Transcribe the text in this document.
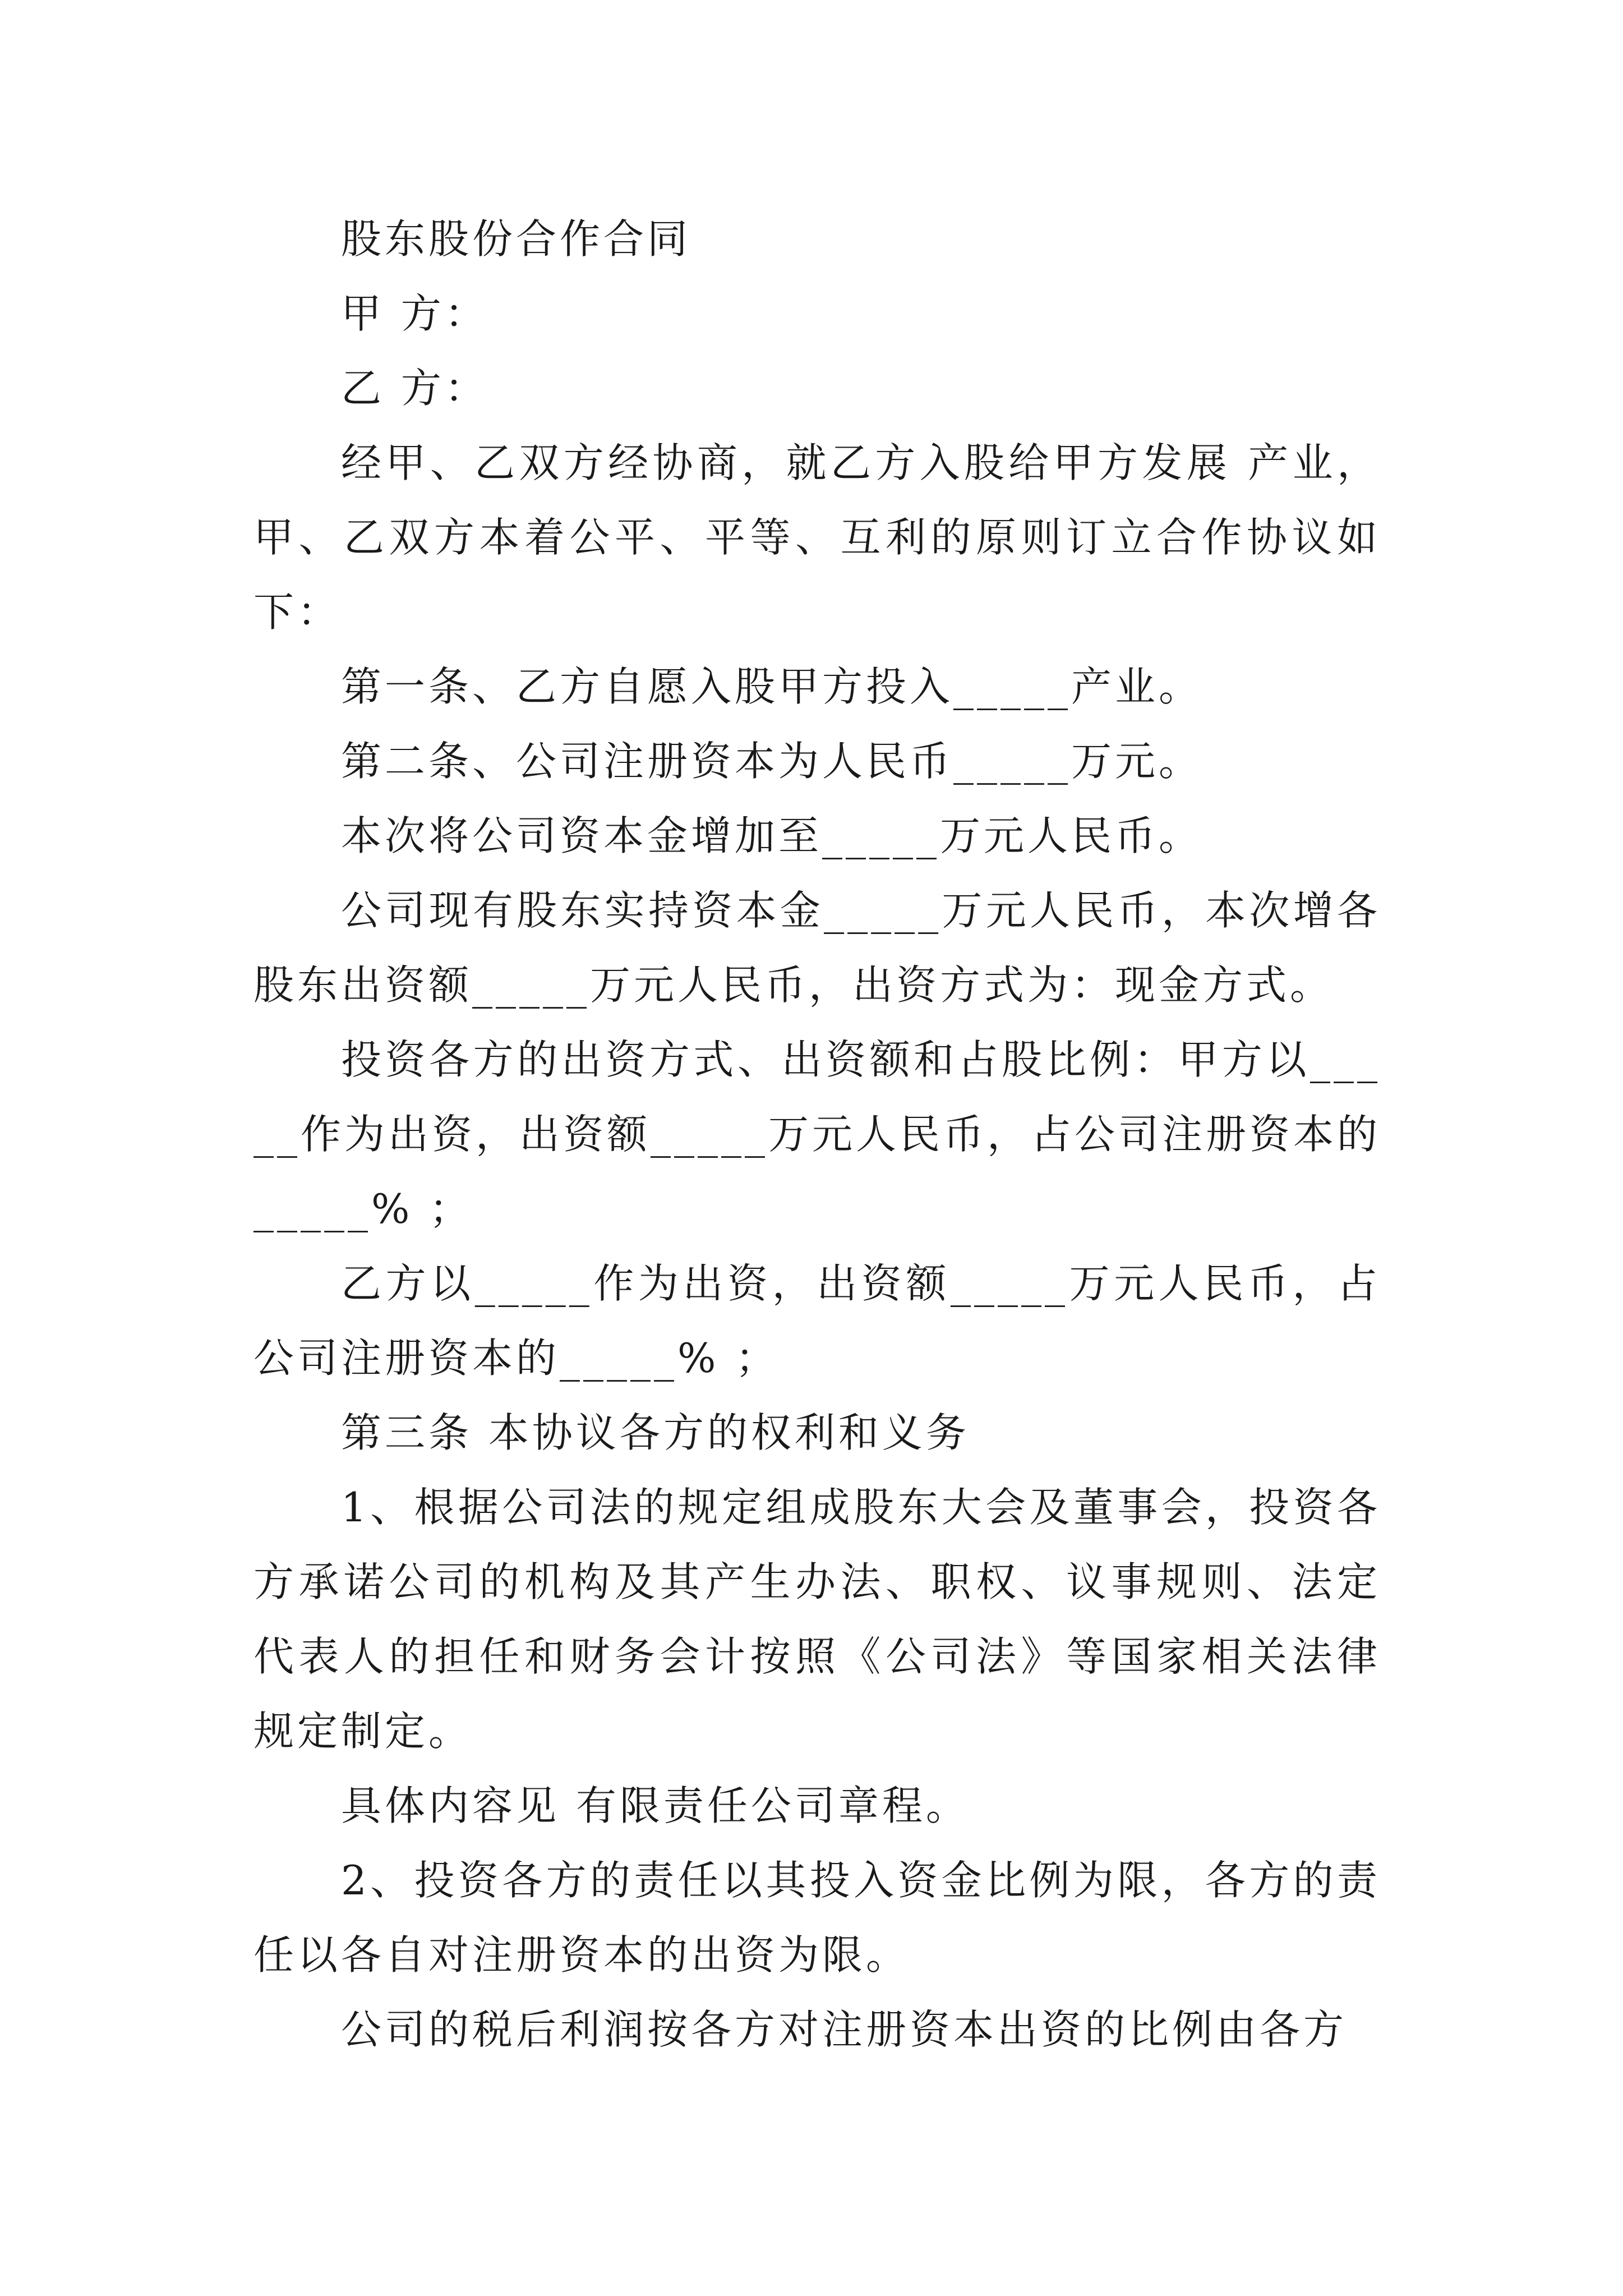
股东股份合作合同

甲 方：

乙 方：

经甲、乙双方经协商，就乙方入股给甲方发展 产业，甲、乙双方本着公平、平等、互利的原则订立合作协议如下：

第一条、乙方自愿入股甲方投入_____产业。

第二条、公司注册资本为人民币_____万元。

本次将公司资本金增加至_____万元人民币。

公司现有股东实持资本金_____万元人民币，本次增各股东出资额_____万元人民币，出资方式为：现金方式。

投资各方的出资方式、出资额和占股比例：甲方以_____作为出资，出资额_____万元人民币，占公司注册资本的_____% ；

乙方以_____作为出资，出资额_____万元人民币，占公司注册资本的_____% ；

第三条 本协议各方的权利和义务

1、根据公司法的规定组成股东大会及董事会，投资各方承诺公司的机构及其产生办法、职权、议事规则、法定代表人的担任和财务会计按照《公司法》等国家相关法律规定制定。

具体内容见 有限责任公司章程。

2、投资各方的责任以其投入资金比例为限，各方的责任以各自对注册资本的出资为限。

公司的税后利润按各方对注册资本出资的比例由各方
